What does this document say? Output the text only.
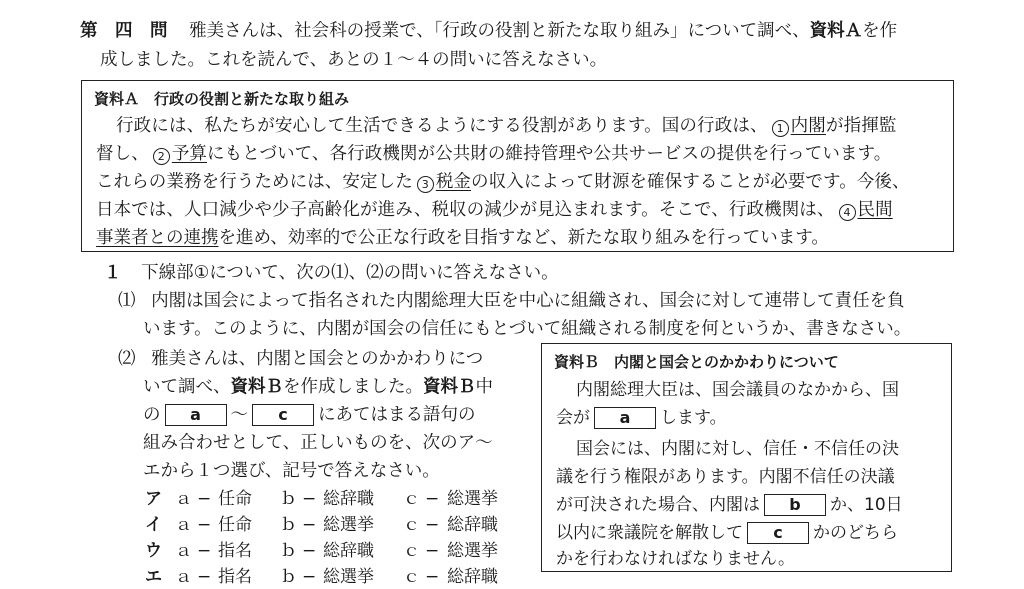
第　四　問 雅美さんは、社会科の授業で、「行政の役割と新たな取り組み」について調べ、資料Ａを作
成しました。これを読んで、あとの１〜４の問いに答えなさい。
資料Ａ　行政の役割と新たな取り組み
行政には、私たちが安心して生活できるようにする役割があります。国の行政は、 1 内閣が指揮監
督し、 2 予算にもとづいて、各行政機関が公共財の維持管理や公共サービスの提供を行っています。
これらの業務を行うためには、安定した 3 税金の収入によって財源を確保することが必要です。今後、
日本では、人口減少や少子高齢化が進み、税収の減少が見込まれます。そこで、行政機関は、 4 民間
事業者との連携を進め、効率的で公正な行政を目指すなど、新たな取り組みを行っています。
１ 下線部①について、次の⑴、⑵の問いに答えなさい。
⑴ 内閣は国会によって指名された内閣総理大臣を中心に組織され、国会に対して連帯して責任を負
います。このように、内閣が国会の信任にもとづいて組織される制度を何というか、書きなさい。
⑵ 雅美さんは、内閣と国会とのかかわりにつ
いて調べ、資料Ｂを作成しました。資料Ｂ中
の a 〜 c にあてはまる語句の
組み合わせとして、正しいものを、次のア〜
エから１つ選び、記号で答えなさい。
ア ａ − 任命 ｂ − 総辞職 ｃ − 総選挙
イ ａ − 任命 ｂ − 総選挙 ｃ − 総辞職
ウ ａ − 指名 ｂ − 総辞職 ｃ − 総選挙
エ ａ − 指名 ｂ − 総選挙 ｃ − 総辞職
資料Ｂ　内閣と国会とのかかわりについて
内閣総理大臣は、国会議員のなかから、国
会が a します。
国会には、内閣に対し、信任・不信任の決
議を行う権限があります。内閣不信任の決議
が可決された場合、内閣は b か、10日
以内に衆議院を解散して c かのどちら
かを行わなければなりません。
